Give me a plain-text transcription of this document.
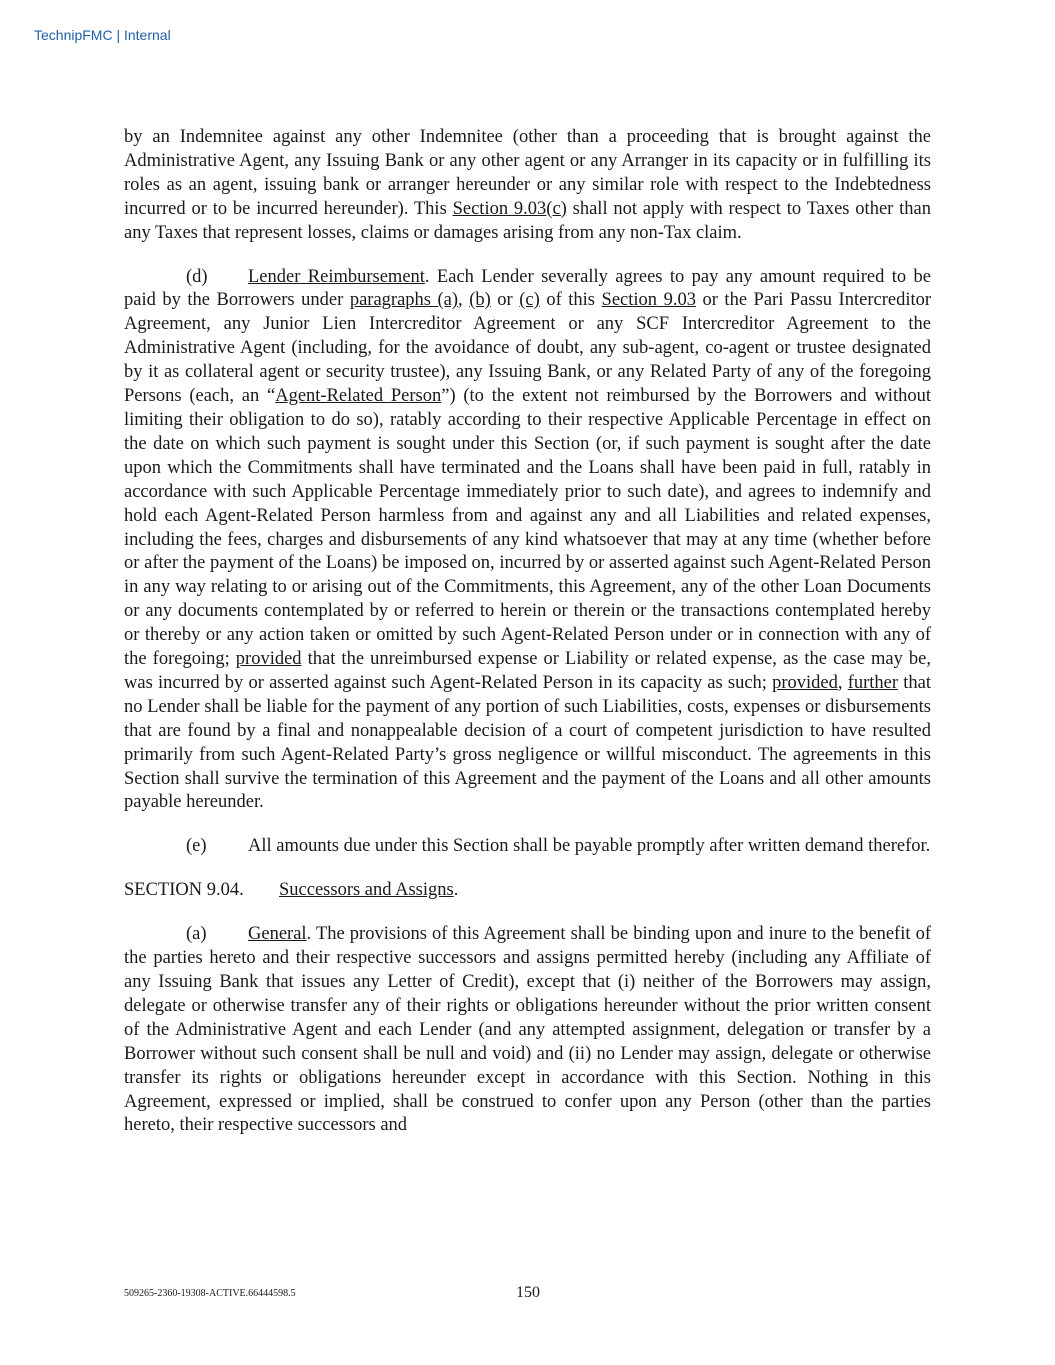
TechnipFMC | Internal

by an Indemnitee against any other Indemnitee (other than a proceeding that is brought against the Administrative Agent, any Issuing Bank or any other agent or any Arranger in its capacity or in fulfilling its roles as an agent, issuing bank or arranger hereunder or any similar role with respect to the Indebtedness incurred or to be incurred hereunder). This Section 9.03(c) shall not apply with respect to Taxes other than any Taxes that represent losses, claims or damages arising from any non-Tax claim.

(d) Lender Reimbursement. Each Lender severally agrees to pay any amount required to be paid by the Borrowers under paragraphs (a), (b) or (c) of this Section 9.03 or the Pari Passu Intercreditor Agreement, any Junior Lien Intercreditor Agreement or any SCF Intercreditor Agreement to the Administrative Agent (including, for the avoidance of doubt, any sub-agent, co-agent or trustee designated by it as collateral agent or security trustee), any Issuing Bank, or any Related Party of any of the foregoing Persons (each, an “Agent-Related Person”) (to the extent not reimbursed by the Borrowers and without limiting their obligation to do so), ratably according to their respective Applicable Percentage in effect on the date on which such payment is sought under this Section (or, if such payment is sought after the date upon which the Commitments shall have terminated and the Loans shall have been paid in full, ratably in accordance with such Applicable Percentage immediately prior to such date), and agrees to indemnify and hold each Agent-Related Person harmless from and against any and all Liabilities and related expenses, including the fees, charges and disbursements of any kind whatsoever that may at any time (whether before or after the payment of the Loans) be imposed on, incurred by or asserted against such Agent-Related Person in any way relating to or arising out of the Commitments, this Agreement, any of the other Loan Documents or any documents contemplated by or referred to herein or therein or the transactions contemplated hereby or thereby or any action taken or omitted by such Agent-Related Person under or in connection with any of the foregoing; provided that the unreimbursed expense or Liability or related expense, as the case may be, was incurred by or asserted against such Agent-Related Person in its capacity as such; provided, further that no Lender shall be liable for the payment of any portion of such Liabilities, costs, expenses or disbursements that are found by a final and nonappealable decision of a court of competent jurisdiction to have resulted primarily from such Agent-Related Party’s gross negligence or willful misconduct. The agreements in this Section shall survive the termination of this Agreement and the payment of the Loans and all other amounts payable hereunder.

(e) All amounts due under this Section shall be payable promptly after written demand therefor.

SECTION 9.04. Successors and Assigns.

(a) General. The provisions of this Agreement shall be binding upon and inure to the benefit of the parties hereto and their respective successors and assigns permitted hereby (including any Affiliate of any Issuing Bank that issues any Letter of Credit), except that (i) neither of the Borrowers may assign, delegate or otherwise transfer any of their rights or obligations hereunder without the prior written consent of the Administrative Agent and each Lender (and any attempted assignment, delegation or transfer by a Borrower without such consent shall be null and void) and (ii) no Lender may assign, delegate or otherwise transfer its rights or obligations hereunder except in accordance with this Section. Nothing in this Agreement, expressed or implied, shall be construed to confer upon any Person (other than the parties hereto, their respective successors and

509265-2360-19308-ACTIVE.66444598.5	150
